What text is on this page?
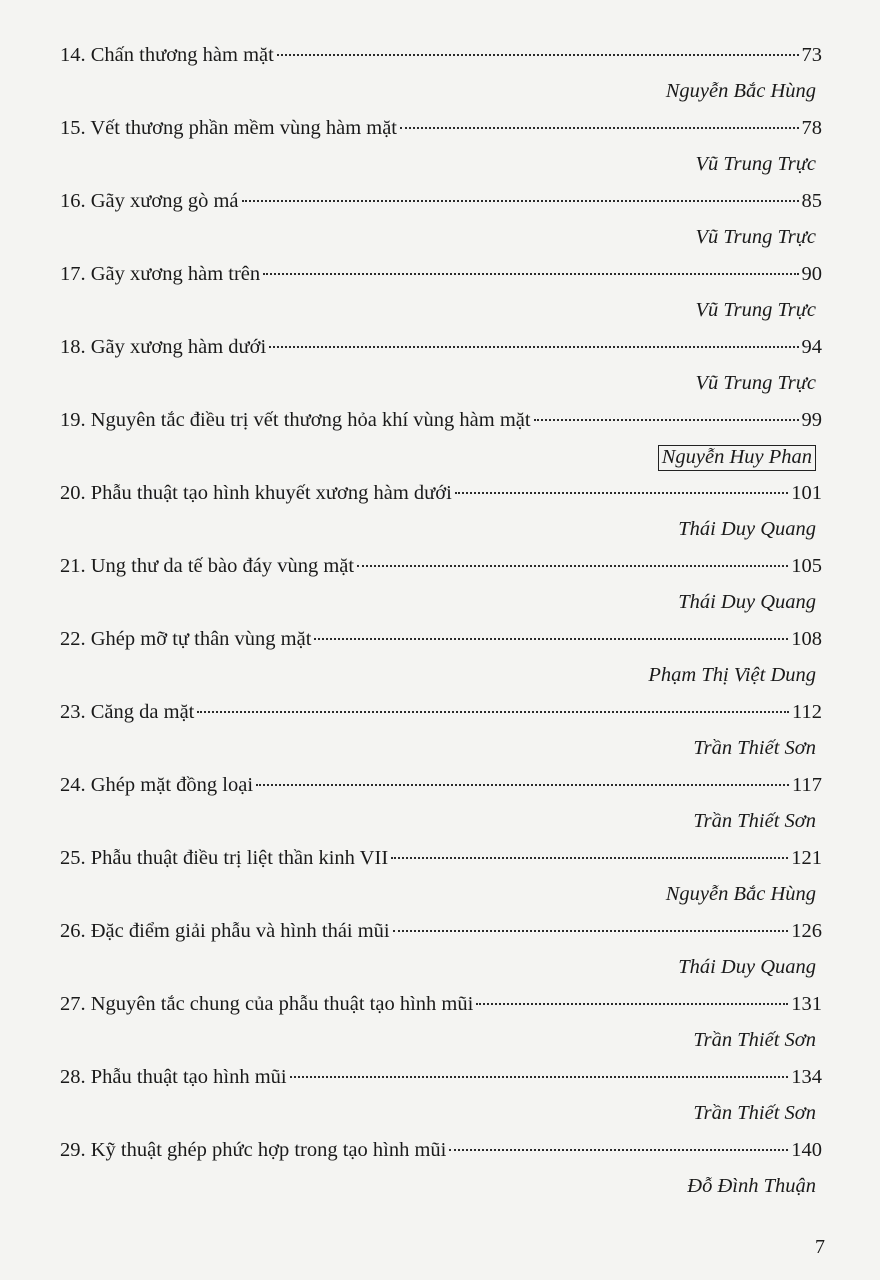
14. Chấn thương hàm mặt	73
Nguyễn Bắc Hùng
15. Vết thương phần mềm vùng hàm mặt	78
Vũ Trung Trực
16. Gãy xương gò má	85
Vũ Trung Trực
17. Gãy xương hàm trên	90
Vũ Trung Trực
18. Gãy xương hàm dưới	94
Vũ Trung Trực
19. Nguyên tắc điều trị vết thương hỏa khí vùng hàm mặt	99
Nguyễn Huy Phan
20. Phẫu thuật tạo hình khuyết xương hàm dưới	101
Thái Duy Quang
21. Ung thư da tế bào đáy vùng mặt	105
Thái Duy Quang
22. Ghép mỡ tự thân vùng mặt	108
Phạm Thị Việt Dung
23. Căng da mặt	112
Trần Thiết Sơn
24. Ghép mặt đồng loại	117
Trần Thiết Sơn
25. Phẫu thuật điều trị liệt thần kinh VII	121
Nguyễn Bắc Hùng
26. Đặc điểm giải phẫu và hình thái mũi	126
Thái Duy Quang
27. Nguyên tắc chung của phẫu thuật tạo hình mũi	131
Trần Thiết Sơn
28. Phẫu thuật tạo hình mũi	134
Trần Thiết Sơn
29. Kỹ thuật ghép phức hợp trong tạo hình mũi	140
Đỗ Đình Thuận
7
